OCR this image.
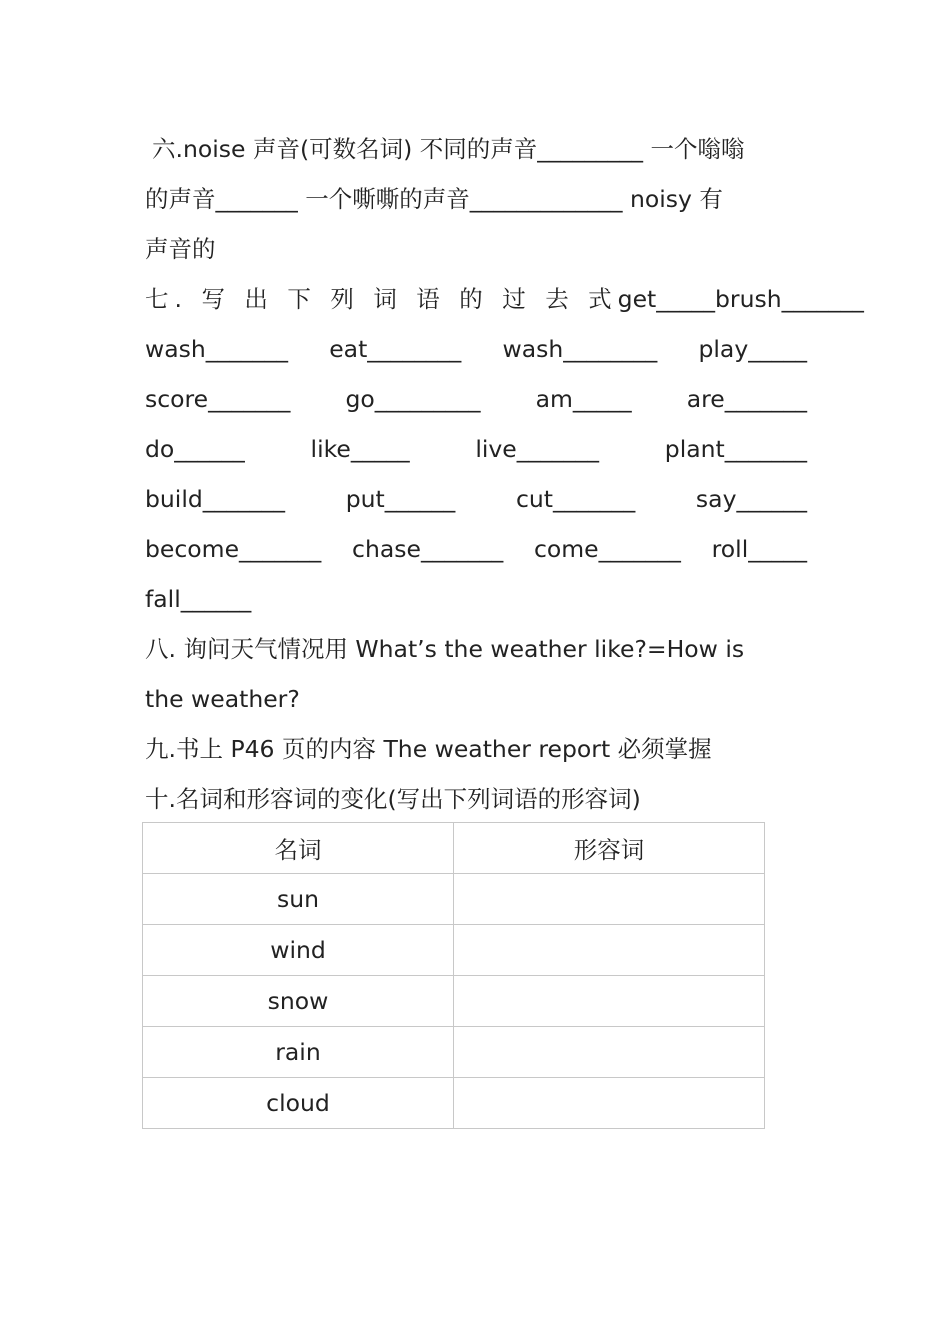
六.noise 声音(可数名词) 不同的声音_________ 一个嗡嗡
的声音_______ 一个嘶嘶的声音_____________ noisy 有
声音的
七. 写 出 下 列 词 语 的 过 去 式 get_____ brush_______
wash_______ eat________ wash________ play_____
score_______ go_________ am_____ are_______
do______	like_____	live_______	plant_______
build_______	put______	cut_______	say______
become_______ chase_______ come_______ roll_____
fall______
八. 询问天气情况用 What’s the weather like?=How is
the weather?
九.书上 P46 页的内容 The weather report 必须掌握
十.名词和形容词的变化(写出下列词语的形容词)
名词	形容词
sun	
wind	
snow	
rain	
cloud	
